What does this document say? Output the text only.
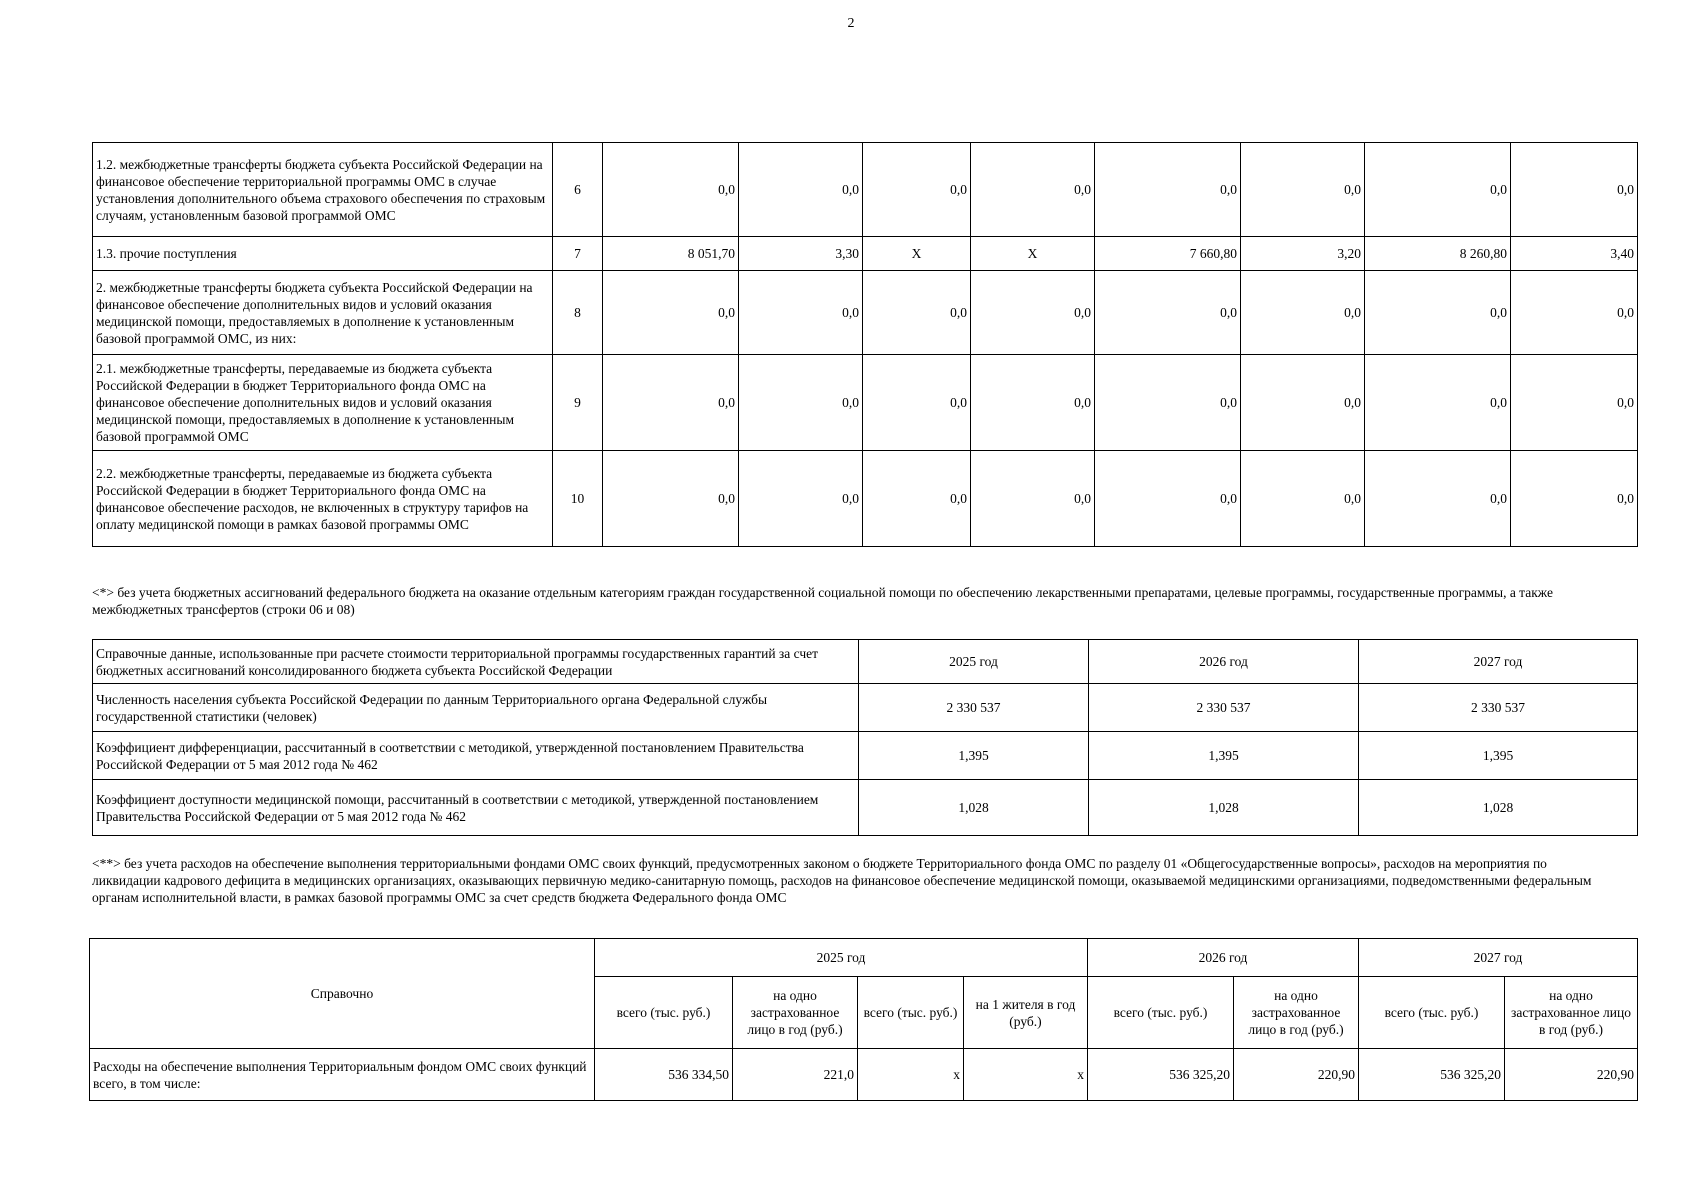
2
1.2. межбюджетные трансферты бюджета субъекта Российской Федерации на финансовое обеспечение территориальной программы ОМС в случае установления дополнительного объема страхового обеспечения по страховым случаям, установленным базовой программой ОМС	6	0,0	0,0	0,0	0,0	0,0	0,0	0,0	0,0
1.3. прочие поступления	7	8 051,70	3,30	Х	Х	7 660,80	3,20	8 260,80	3,40
2. межбюджетные трансферты бюджета субъекта Российской Федерации на финансовое обеспечение дополнительных видов и условий оказания медицинской помощи, предоставляемых в дополнение к установленным базовой программой ОМС, из них:	8	0,0	0,0	0,0	0,0	0,0	0,0	0,0	0,0
2.1. межбюджетные трансферты, передаваемые из бюджета субъекта Российской Федерации в бюджет Территориального фонда ОМС на финансовое обеспечение дополнительных видов и условий оказания медицинской помощи, предоставляемых в дополнение к установленным базовой программой ОМС	9	0,0	0,0	0,0	0,0	0,0	0,0	0,0	0,0
2.2. межбюджетные трансферты, передаваемые из бюджета субъекта Российской Федерации в бюджет Территориального фонда ОМС на финансовое обеспечение расходов, не включенных в структуру тарифов на оплату медицинской помощи в рамках базовой программы ОМС	10	0,0	0,0	0,0	0,0	0,0	0,0	0,0	0,0
<*> без учета бюджетных ассигнований федерального бюджета на оказание отдельным категориям граждан государственной социальной помощи по обеспечению лекарственными препаратами, целевые программы, государственные программы, а также межбюджетных трансфертов (строки 06 и 08)
Справочные данные, использованные при расчете стоимости территориальной программы государственных гарантий за счет бюджетных ассигнований консолидированного бюджета субъекта Российской Федерации	2025 год	2026 год	2027 год
Численность населения субъекта Российской Федерации по данным Территориального органа Федеральной службы государственной статистики (человек)	2 330 537	2 330 537	2 330 537
Коэффициент дифференциации, рассчитанный в соответствии с методикой, утвержденной постановлением Правительства Российской Федерации от 5 мая 2012 года № 462	1,395	1,395	1,395
Коэффициент доступности медицинской помощи, рассчитанный в соответствии с методикой, утвержденной постановлением Правительства Российской Федерации от 5 мая 2012 года № 462	1,028	1,028	1,028
<**> без учета расходов на обеспечение выполнения территориальными фондами ОМС своих функций, предусмотренных законом о бюджете Территориального фонда ОМС по разделу 01 «Общегосударственные вопросы», расходов на мероприятия по ликвидации кадрового дефицита в медицинских организациях, оказывающих первичную медико-санитарную помощь, расходов на финансовое обеспечение медицинской помощи, оказываемой медицинскими организациями, подведомственными федеральным органам исполнительной власти, в рамках базовой программы ОМС за счет средств бюджета Федерального фонда ОМС
Справочно	2025 год				2026 год		2027 год	
	всего (тыс. руб.)	на одно застрахованное лицо в год (руб.)	всего (тыс. руб.)	на 1 жителя в год (руб.)	всего (тыс. руб.)	на одно застрахованное лицо в год (руб.)	всего (тыс. руб.)	на одно застрахованное лицо в год (руб.)
Расходы на обеспечение выполнения Территориальным фондом ОМС своих функций всего, в том числе:	536 334,50	221,0	х	х	536 325,20	220,90	536 325,20	220,90
